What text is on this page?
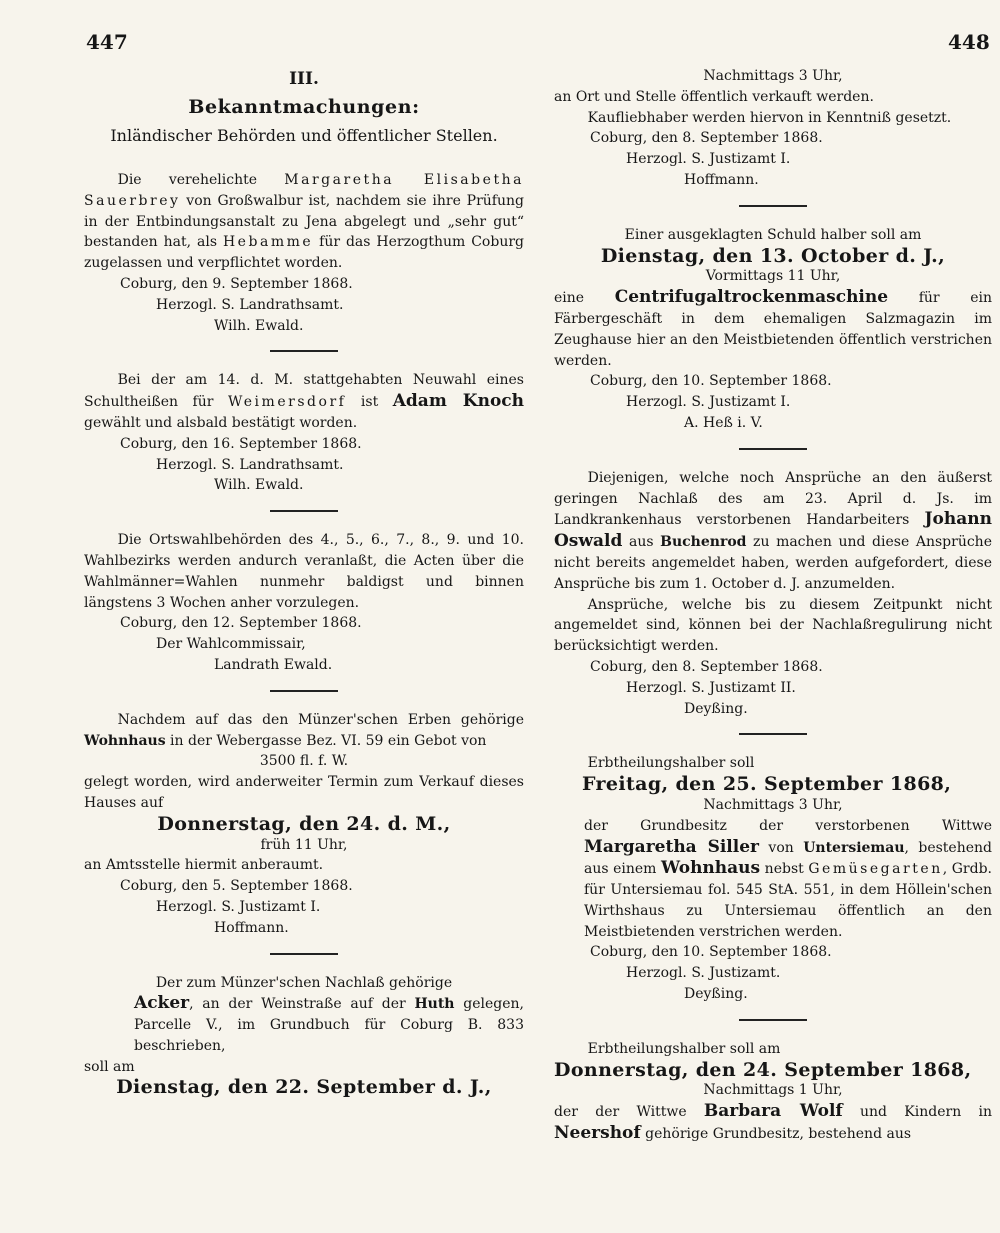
447	448

III.

Bekanntmachungen:

Inländischer Behörden und öffentlicher Stellen.

Die verehelichte Margaretha Elisabetha Sauerbrey von Großwalbur ist, nachdem sie ihre Prüfung in der Entbindungsanstalt zu Jena abgelegt und „sehr gut“ bestanden hat, als Hebamme für das Herzogthum Coburg zugelassen und verpflichtet worden.

Coburg, den 9. September 1868.

Herzogl. S. Landrathsamt.

Wilh. Ewald.

Bei der am 14. d. M. stattgehabten Neuwahl eines Schultheißen für Weimersdorf ist Adam Knoch gewählt und alsbald bestätigt worden.

Coburg, den 16. September 1868.

Herzogl. S. Landrathsamt.

Wilh. Ewald.

Die Ortswahlbehörden des 4., 5., 6., 7., 8., 9. und 10. Wahlbezirks werden andurch veranlaßt, die Acten über die Wahlmänner=Wahlen nunmehr baldigst und binnen längstens 3 Wochen anher vorzulegen.

Coburg, den 12. September 1868.

Der Wahlcommissair,

Landrath Ewald.

Nachdem auf das den Münzer'schen Erben gehörige Wohnhaus in der Webergasse Bez. VI. 59 ein Gebot von

3500 fl. f. W.

gelegt worden, wird anderweiter Termin zum Verkauf dieses Hauses auf

Donnerstag, den 24. d. M.,

früh 11 Uhr,

an Amtsstelle hiermit anberaumt.

Coburg, den 5. September 1868.

Herzogl. S. Justizamt I.

Hoffmann.

Der zum Münzer'schen Nachlaß gehörige

Acker, an der Weinstraße auf der Huth gelegen, Parcelle V., im Grundbuch für Coburg B. 833 beschrieben,

soll am

Dienstag, den 22. September d. J.,

Nachmittags 3 Uhr,

an Ort und Stelle öffentlich verkauft werden.

Kaufliebhaber werden hiervon in Kenntniß gesetzt.

Coburg, den 8. September 1868.

Herzogl. S. Justizamt I.

Hoffmann.

Einer ausgeklagten Schuld halber soll am

Dienstag, den 13. October d. J.,

Vormittags 11 Uhr,

eine Centrifugaltrockenmaschine für ein Färbergeschäft in dem ehemaligen Salzmagazin im Zeughause hier an den Meistbietenden öffentlich verstrichen werden.

Coburg, den 10. September 1868.

Herzogl. S. Justizamt I.

A. Heß i. V.

Diejenigen, welche noch Ansprüche an den äußerst geringen Nachlaß des am 23. April d. Js. im Landkrankenhaus verstorbenen Handarbeiters Johann Oswald aus Buchenrod zu machen und diese Ansprüche nicht bereits angemeldet haben, werden aufgefordert, diese Ansprüche bis zum 1. October d. J. anzumelden.

Ansprüche, welche bis zu diesem Zeitpunkt nicht angemeldet sind, können bei der Nachlaßregulirung nicht berücksichtigt werden.

Coburg, den 8. September 1868.

Herzogl. S. Justizamt II.

Deyßing.

Erbtheilungshalber soll

Freitag, den 25. September 1868,

Nachmittags 3 Uhr,

der Grundbesitz der verstorbenen Wittwe Margaretha Siller von Untersiemau, bestehend aus einem Wohnhaus nebst Gemüsegarten, Grdb. für Untersiemau fol. 545 StA. 551, in dem Höllein'schen Wirthshaus zu Untersiemau öffentlich an den Meistbietenden verstrichen werden.

Coburg, den 10. September 1868.

Herzogl. S. Justizamt.

Deyßing.

Erbtheilungshalber soll am

Donnerstag, den 24. September 1868,

Nachmittags 1 Uhr,

der der Wittwe Barbara Wolf und Kindern in Neershof gehörige Grundbesitz, bestehend aus
